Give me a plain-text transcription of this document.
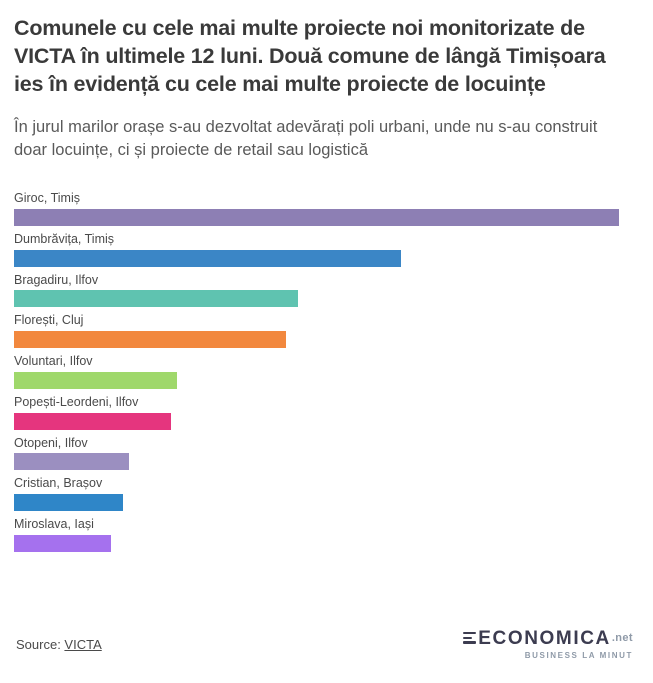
Comunele cu cele mai multe proiecte noi monitorizate de VICTA în ultimele 12 luni. Două comune de lângă Timișoara ies în evidență cu cele mai multe proiecte de locuințe

În jurul marilor orașe s-au dezvoltat adevărați poli urbani, unde nu s-au construit doar locuințe, ci și proiecte de retail sau logistică

Giroc, Timiș
Dumbrăvița, Timiș
Bragadiru, Ilfov
Florești, Cluj
Voluntari, Ilfov
Popești-Leordeni, Ilfov
Otopeni, Ilfov
Cristian, Brașov
Miroslava, Iași
Source: VICTA	ECONOMICA.net
BUSINESS LA MINUT
